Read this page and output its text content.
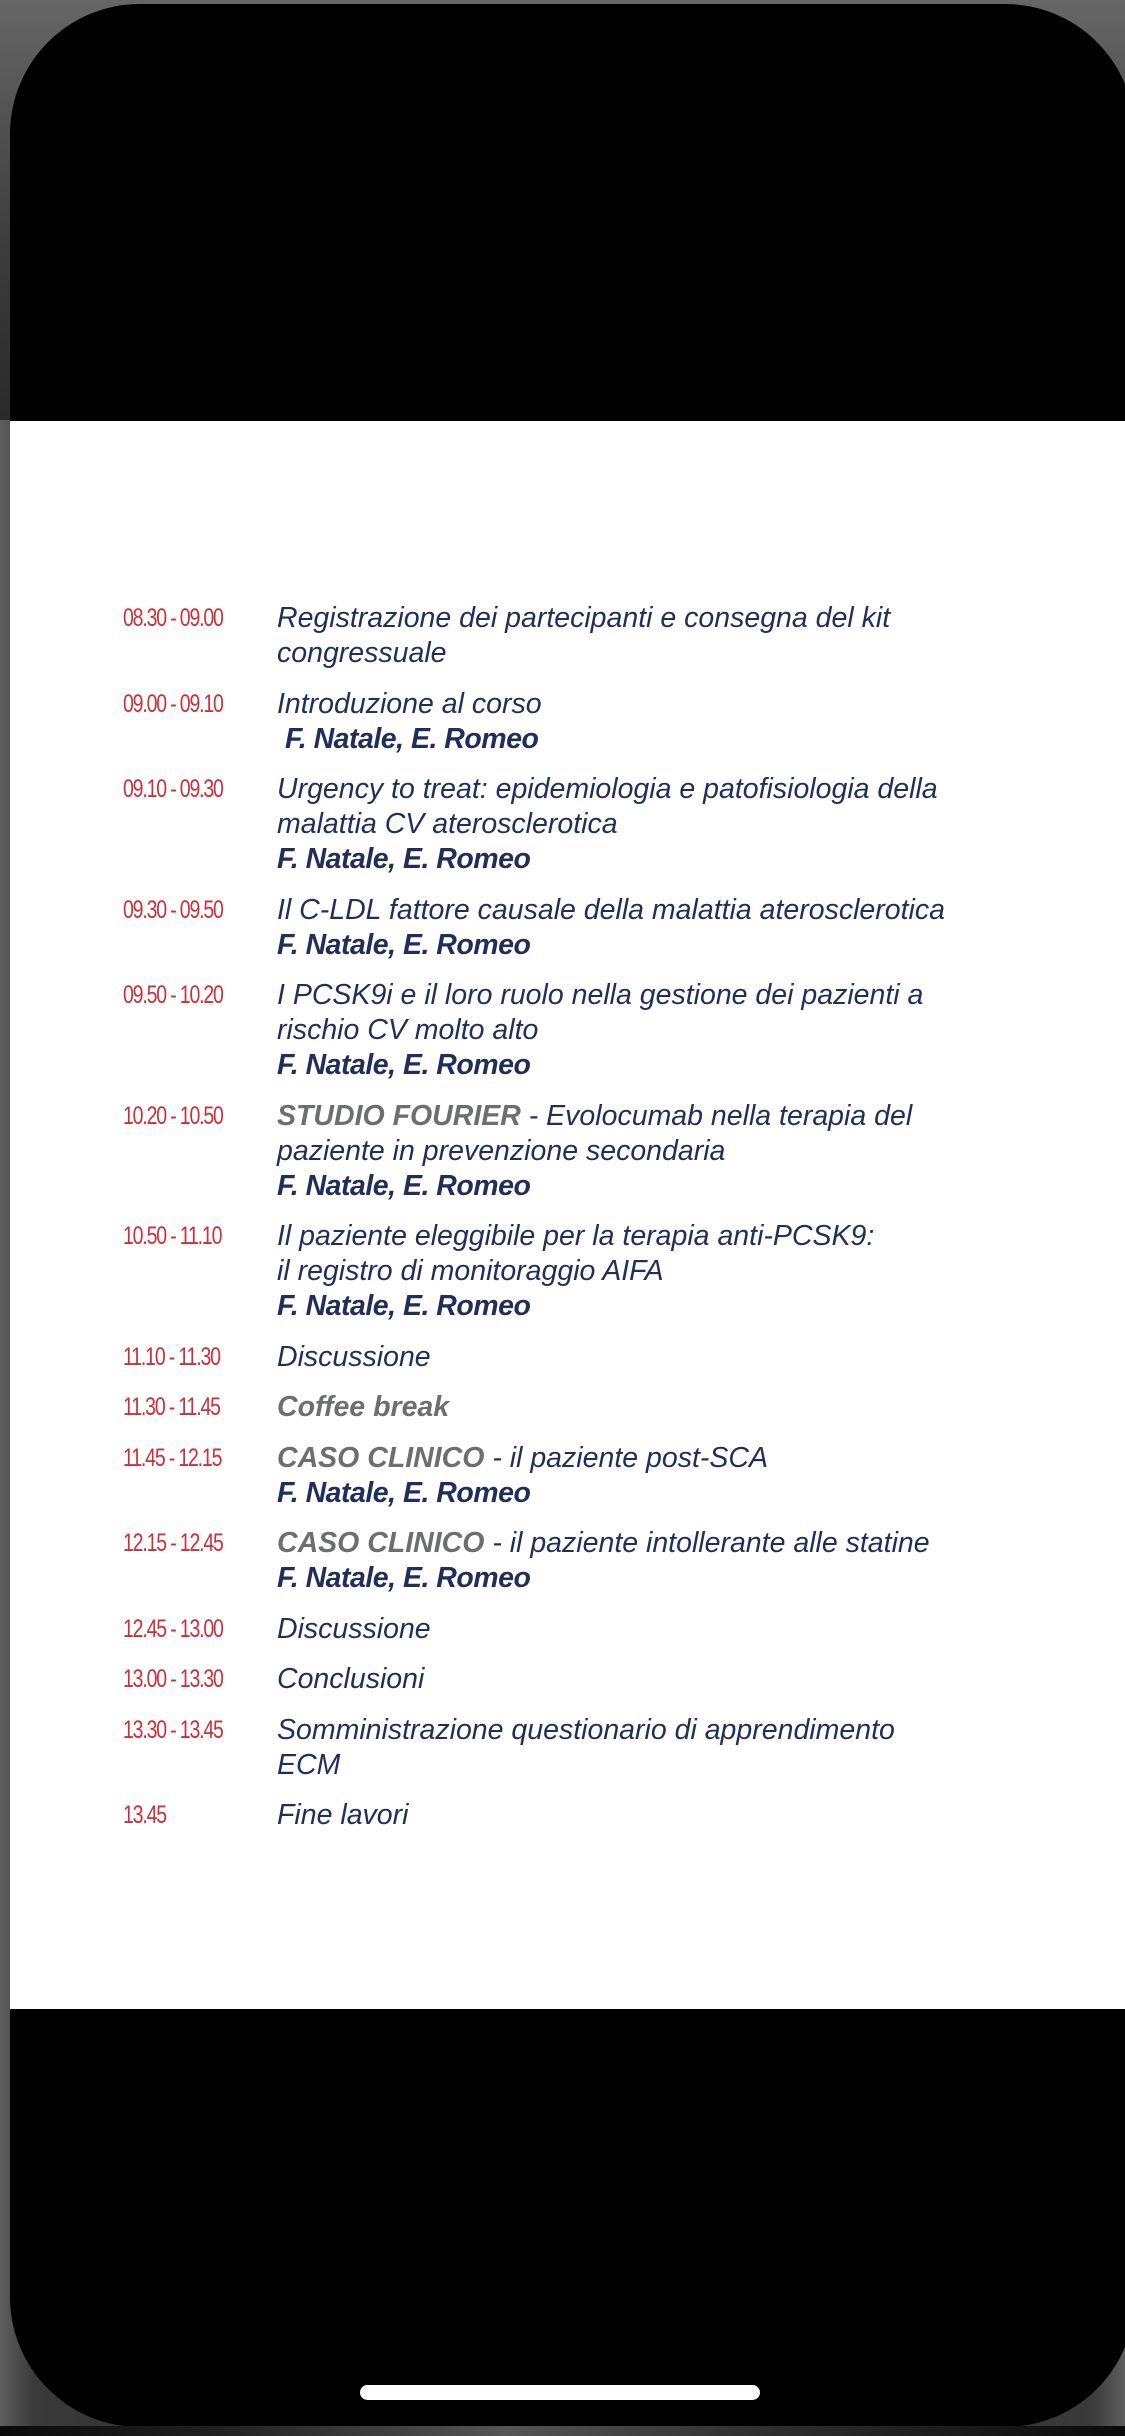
08.30 - 09.00	Registrazione dei partecipanti e consegna del kit
congressuale
09.00 - 09.10	Introduzione al corso
F. Natale, E. Romeo
09.10 - 09.30	Urgency to treat: epidemiologia e patofisiologia della
malattia CV aterosclerotica
F. Natale, E. Romeo
09.30 - 09.50	Il C-LDL fattore causale della malattia aterosclerotica
F. Natale, E. Romeo
09.50 - 10.20	I PCSK9i e il loro ruolo nella gestione dei pazienti a
rischio CV molto alto
F. Natale, E. Romeo
10.20 - 10.50	STUDIO FOURIER - Evolocumab nella terapia del
paziente in prevenzione secondaria
F. Natale, E. Romeo
10.50 - 11.10	Il paziente eleggibile per la terapia anti-PCSK9:
il registro di monitoraggio AIFA
F. Natale, E. Romeo
11.10 - 11.30	Discussione
11.30 - 11.45	Coffee break
11.45 - 12.15	CASO CLINICO - il paziente post-SCA
F. Natale, E. Romeo
12.15 - 12.45	CASO CLINICO - il paziente intollerante alle statine
F. Natale, E. Romeo
12.45 - 13.00	Discussione
13.00 - 13.30	Conclusioni
13.30 - 13.45	Somministrazione questionario di apprendimento
ECM
13.45	Fine lavori
